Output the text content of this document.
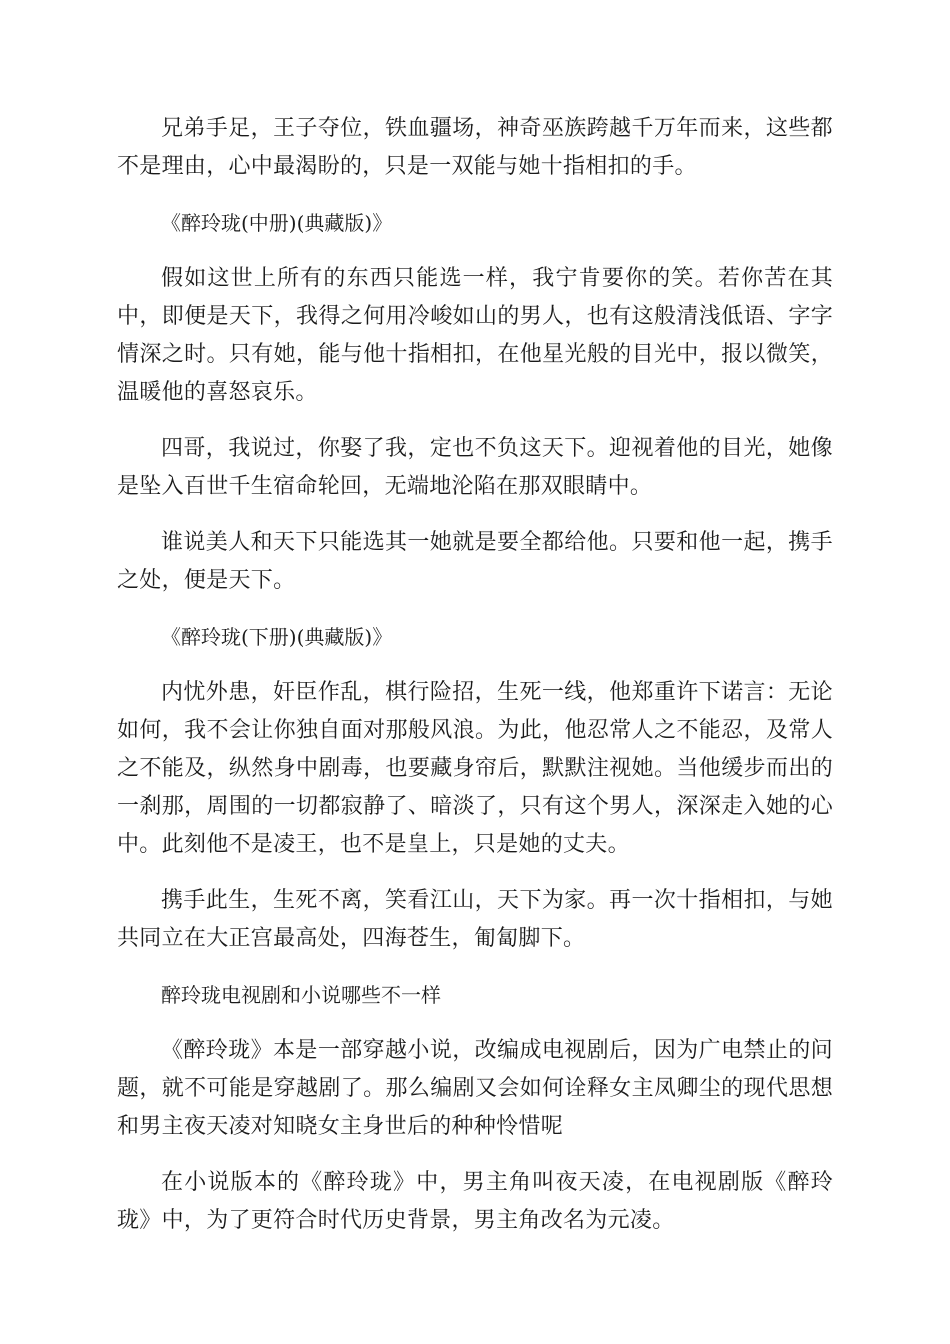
兄弟手足，王子夺位，铁血疆场，神奇巫族跨越千万年而来，这些都不是理由，心中最渴盼的，只是一双能与她十指相扣的手。

《醉玲珑(中册)(典藏版)》

假如这世上所有的东西只能选一样，我宁肯要你的笑。若你苦在其中，即便是天下，我得之何用冷峻如山的男人，也有这般清浅低语、字字情深之时。只有她，能与他十指相扣，在他星光般的目光中，报以微笑，温暖他的喜怒哀乐。

四哥，我说过，你娶了我，定也不负这天下。迎视着他的目光，她像是坠入百世千生宿命轮回，无端地沦陷在那双眼睛中。

谁说美人和天下只能选其一她就是要全都给他。只要和他一起，携手之处，便是天下。

《醉玲珑(下册)(典藏版)》

内忧外患，奸臣作乱，棋行险招，生死一线，他郑重许下诺言：无论如何，我不会让你独自面对那般风浪。为此，他忍常人之不能忍，及常人之不能及，纵然身中剧毒，也要藏身帘后，默默注视她。当他缓步而出的一刹那，周围的一切都寂静了、暗淡了，只有这个男人，深深走入她的心中。此刻他不是凌王，也不是皇上，只是她的丈夫。

携手此生，生死不离，笑看江山，天下为家。再一次十指相扣，与她共同立在大正宫最高处，四海苍生，匍匐脚下。

醉玲珑电视剧和小说哪些不一样

《醉玲珑》本是一部穿越小说，改编成电视剧后，因为广电禁止的问题，就不可能是穿越剧了。那么编剧又会如何诠释女主凤卿尘的现代思想和男主夜天凌对知晓女主身世后的种种怜惜呢

在小说版本的《醉玲珑》中，男主角叫夜天凌，在电视剧版《醉玲珑》中，为了更符合时代历史背景，男主角改名为元凌。
